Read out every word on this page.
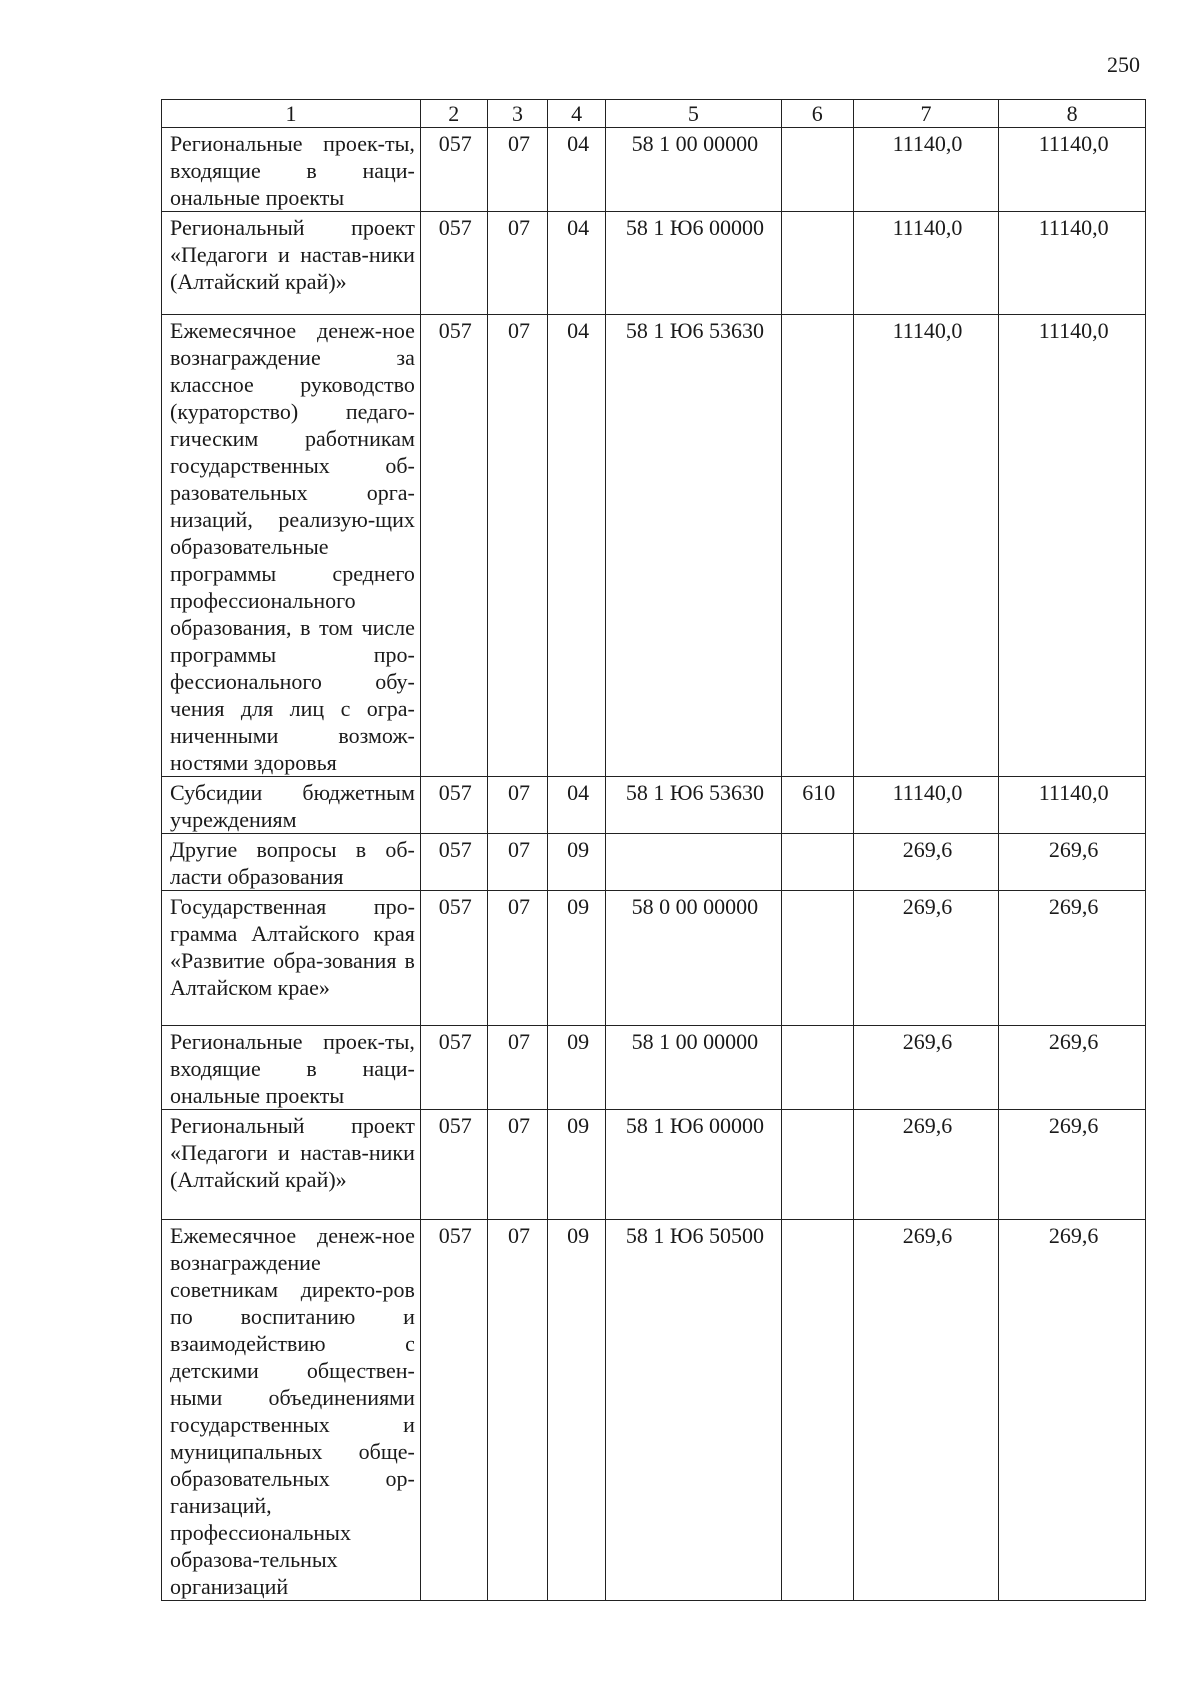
250
1	2	3	4	5	6	7	8
Региональные проек-ты, входящие в наци-ональные проекты	057	07	04	58 1 00 00000		11140,0	11140,0
Региональный проект «Педагоги и настав-ники (Алтайский край)»	057	07	04	58 1 Ю6 00000		11140,0	11140,0
Ежемесячное денеж-ное вознаграждение за классное руководство (кураторство) педаго-гическим работникам государственных об-разовательных орга-низаций, реализую-щих образовательные программы среднего профессионального образования, в том числе программы про-фессионального обу-чения для лиц с огра-ниченными возмож-ностями здоровья	057	07	04	58 1 Ю6 53630		11140,0	11140,0
Субсидии бюджетным учреждениям	057	07	04	58 1 Ю6 53630	610	11140,0	11140,0
Другие вопросы в об-ласти образования	057	07	09			269,6	269,6
Государственная про-грамма Алтайского края «Развитие обра-зования в Алтайском крае»	057	07	09	58 0 00 00000		269,6	269,6
Региональные проек-ты, входящие в наци-ональные проекты	057	07	09	58 1 00 00000		269,6	269,6
Региональный проект «Педагоги и настав-ники (Алтайский край)»	057	07	09	58 1 Ю6 00000		269,6	269,6
Ежемесячное денеж-ное вознаграждение советникам директо-ров по воспитанию и взаимодействию с детскими обществен-ными объединениями государственных и муниципальных обще-образовательных ор-ганизаций, профессиональных образова-тельных организаций	057	07	09	58 1 Ю6 50500		269,6	269,6
